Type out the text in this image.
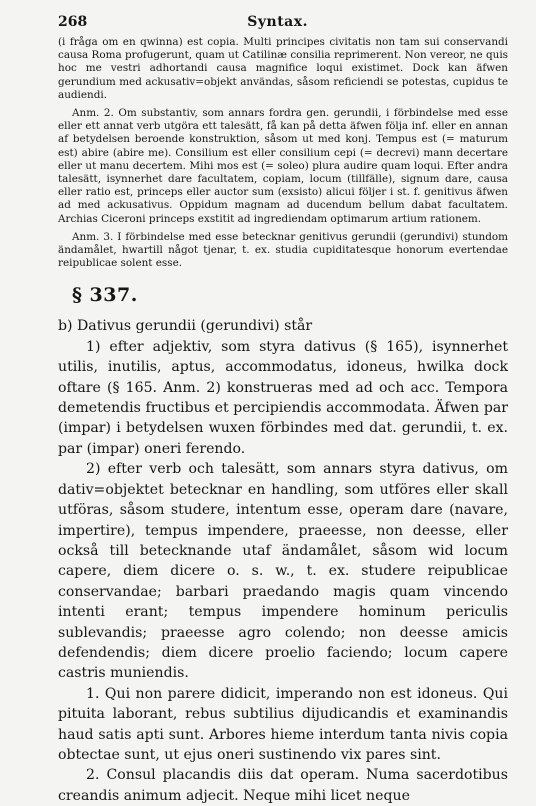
268	Syntax.

(i fråga om en qwinna) est copia. Multi principes civitatis non tam sui conservandi causa Roma profugerunt, quam ut Catilinæ consilia reprimerent. Non vereor, ne quis hoc me vestri adhortandi causa magnifice loqui existimet. Dock kan äfwen gerundium med ackusativ=objekt användas, såsom reficiendi se potestas, cupidus te audiendi.

Anm. 2. Om substantiv, som annars fordra gen. gerundii, i förbindelse med esse eller ett annat verb utgöra ett talesätt, få kan på detta äfwen följa inf. eller en annan af betydelsen beroende konstruktion, såsom ut med konj. Tempus est (= maturum est) abire (abire me). Consilium est eller consilium cepi (= decrevi) mann decertare eller ut manu decertem. Mihi mos est (= soleo) plura audire quam loqui. Efter andra talesätt, isynnerhet dare facultatem, copiam, locum (tillfälle), signum dare, causa eller ratio est, princeps eller auctor sum (exsisto) alicui följer i st. f. genitivus äfwen ad med ackusativus. Oppidum magnam ad ducendum bellum dabat facultatem. Archias Ciceroni princeps exstitit ad ingrediendam optimarum artium rationem.

Anm. 3. I förbindelse med esse betecknar genitivus gerundii (gerundivi) stundom ändamålet, hwartill något tjenar, t. ex. studia cupiditatesque honorum evertendae reipublicae solent esse.

§ 337.

b) Dativus gerundii (gerundivi) står

1) efter adjektiv, som styra dativus (§ 165), isynnerhet utilis, inutilis, aptus, accommodatus, idoneus, hwilka dock oftare (§ 165. Anm. 2) konstrueras med ad och acc. Tempora demetendis fructibus et percipiendis accommodata. Äfwen par (impar) i betydelsen wuxen förbindes med dat. gerundii, t. ex. par (impar) oneri ferendo.

2) efter verb och talesätt, som annars styra dativus, om dativ=objektet betecknar en handling, som utföres eller skall utföras, såsom studere, intentum esse, operam dare (navare, impertire), tempus impendere, praeesse, non deesse, eller också till betecknande utaf ändamålet, såsom wid locum capere, diem dicere o. s. w., t. ex. studere reipublicae conservandae; barbari praedando magis quam vincendo intenti erant; tempus impendere hominum periculis sublevandis; praeesse agro colendo; non deesse amicis defendendis; diem dicere proelio faciendo; locum capere castris muniendis.

1. Qui non parere didicit, imperando non est idoneus. Qui pituita laborant, rebus subtilius dijudicandis et examinandis haud satis apti sunt. Arbores hieme interdum tanta nivis copia obtectae sunt, ut ejus oneri sustinendo vix pares sint.

2. Consul placandis diis dat operam. Numa sacerdotibus creandis animum adjecit. Neque mihi licet neque
